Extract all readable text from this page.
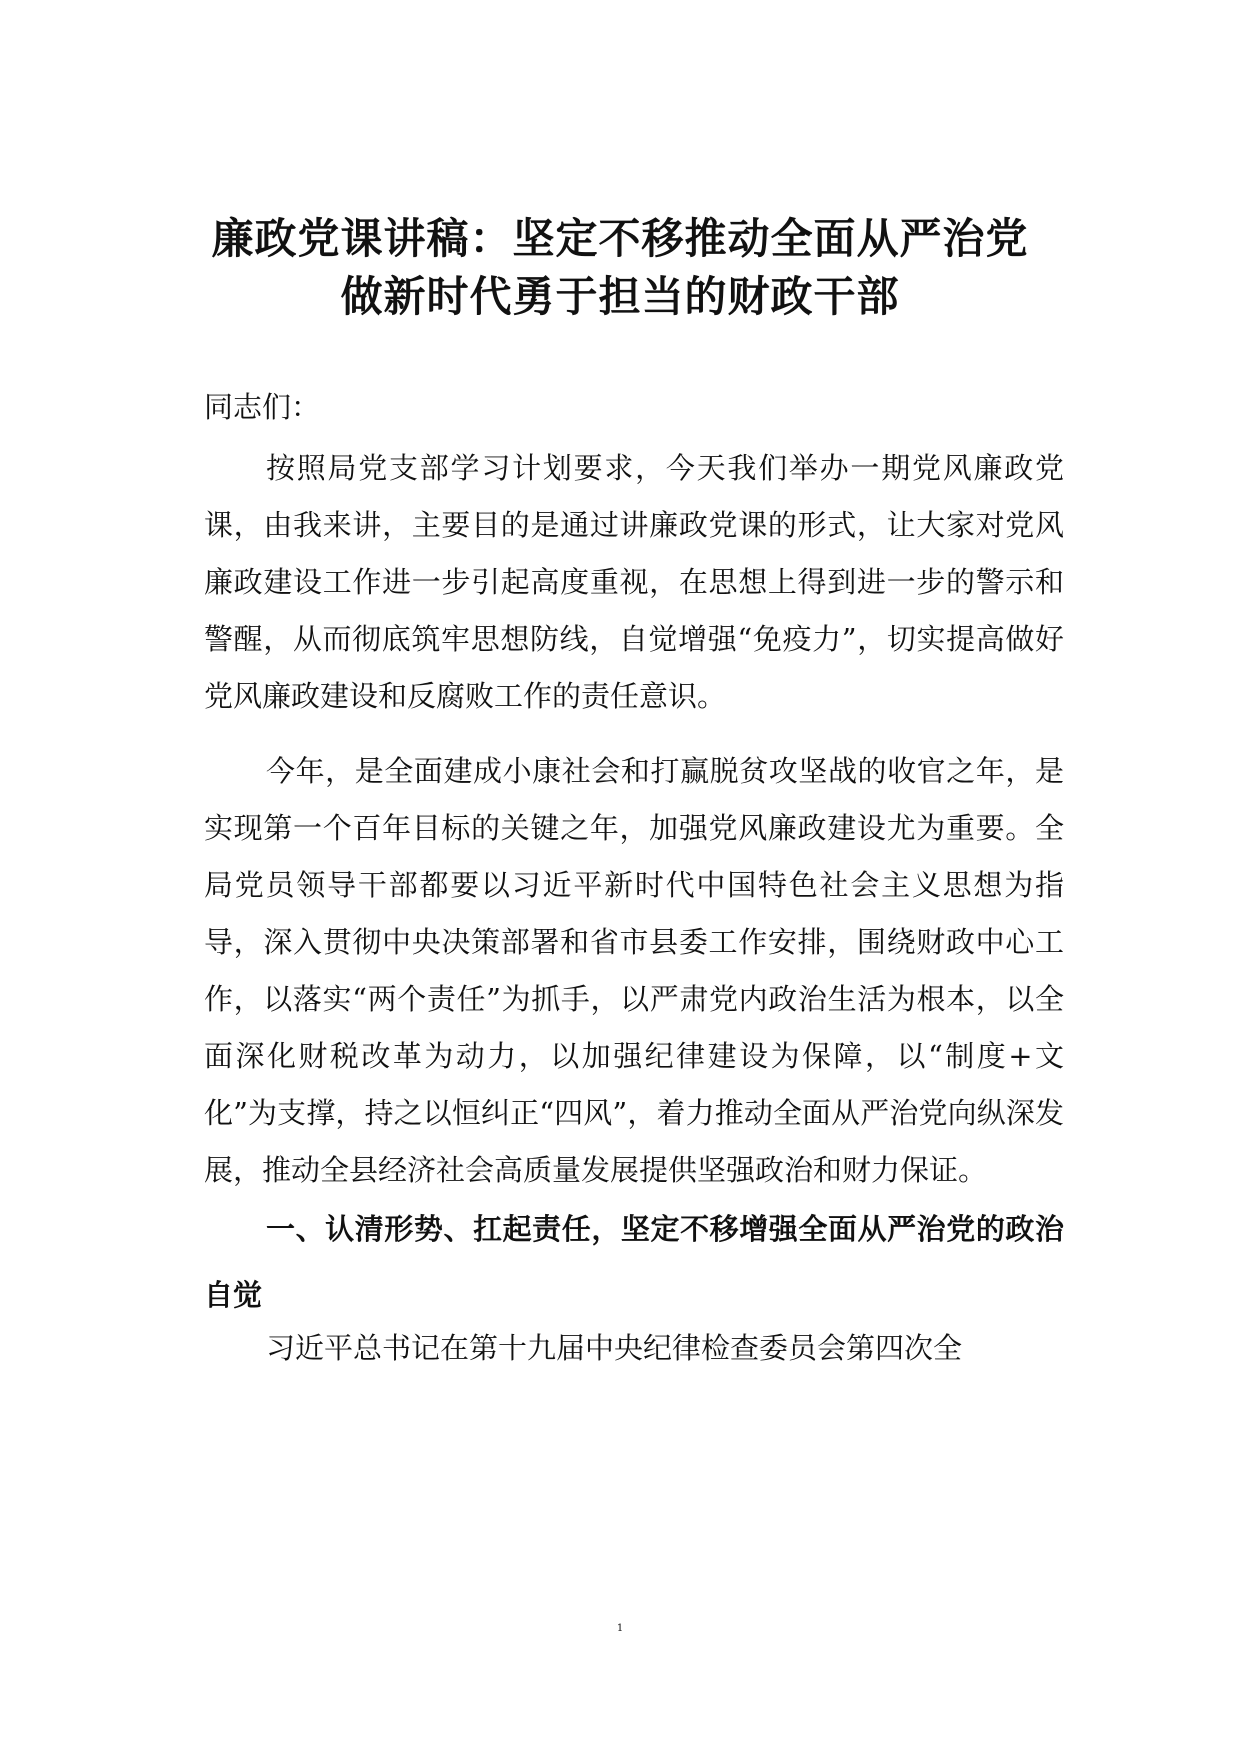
廉政党课讲稿：坚定不移推动全面从严治党
做新时代勇于担当的财政干部

同志们：

按照局党支部学习计划要求，今天我们举办一期党风廉政党课，由我来讲，主要目的是通过讲廉政党课的形式，让大家对党风廉政建设工作进一步引起高度重视，在思想上得到进一步的警示和警醒，从而彻底筑牢思想防线，自觉增强“免疫力”，切实提高做好党风廉政建设和反腐败工作的责任意识。

今年，是全面建成小康社会和打赢脱贫攻坚战的收官之年，是实现第一个百年目标的关键之年，加强党风廉政建设尤为重要。全局党员领导干部都要以习近平新时代中国特色社会主义思想为指导，深入贯彻中央决策部署和省市县委工作安排，围绕财政中心工作，以落实“两个责任”为抓手，以严肃党内政治生活为根本，以全面深化财税改革为动力，以加强纪律建设为保障，以“制度+文化”为支撑，持之以恒纠正“四风”，着力推动全面从严治党向纵深发展，推动全县经济社会高质量发展提供坚强政治和财力保证。

一、认清形势、扛起责任，坚定不移增强全面从严治党的政治自觉

习近平总书记在第十九届中央纪律检查委员会第四次全

1
